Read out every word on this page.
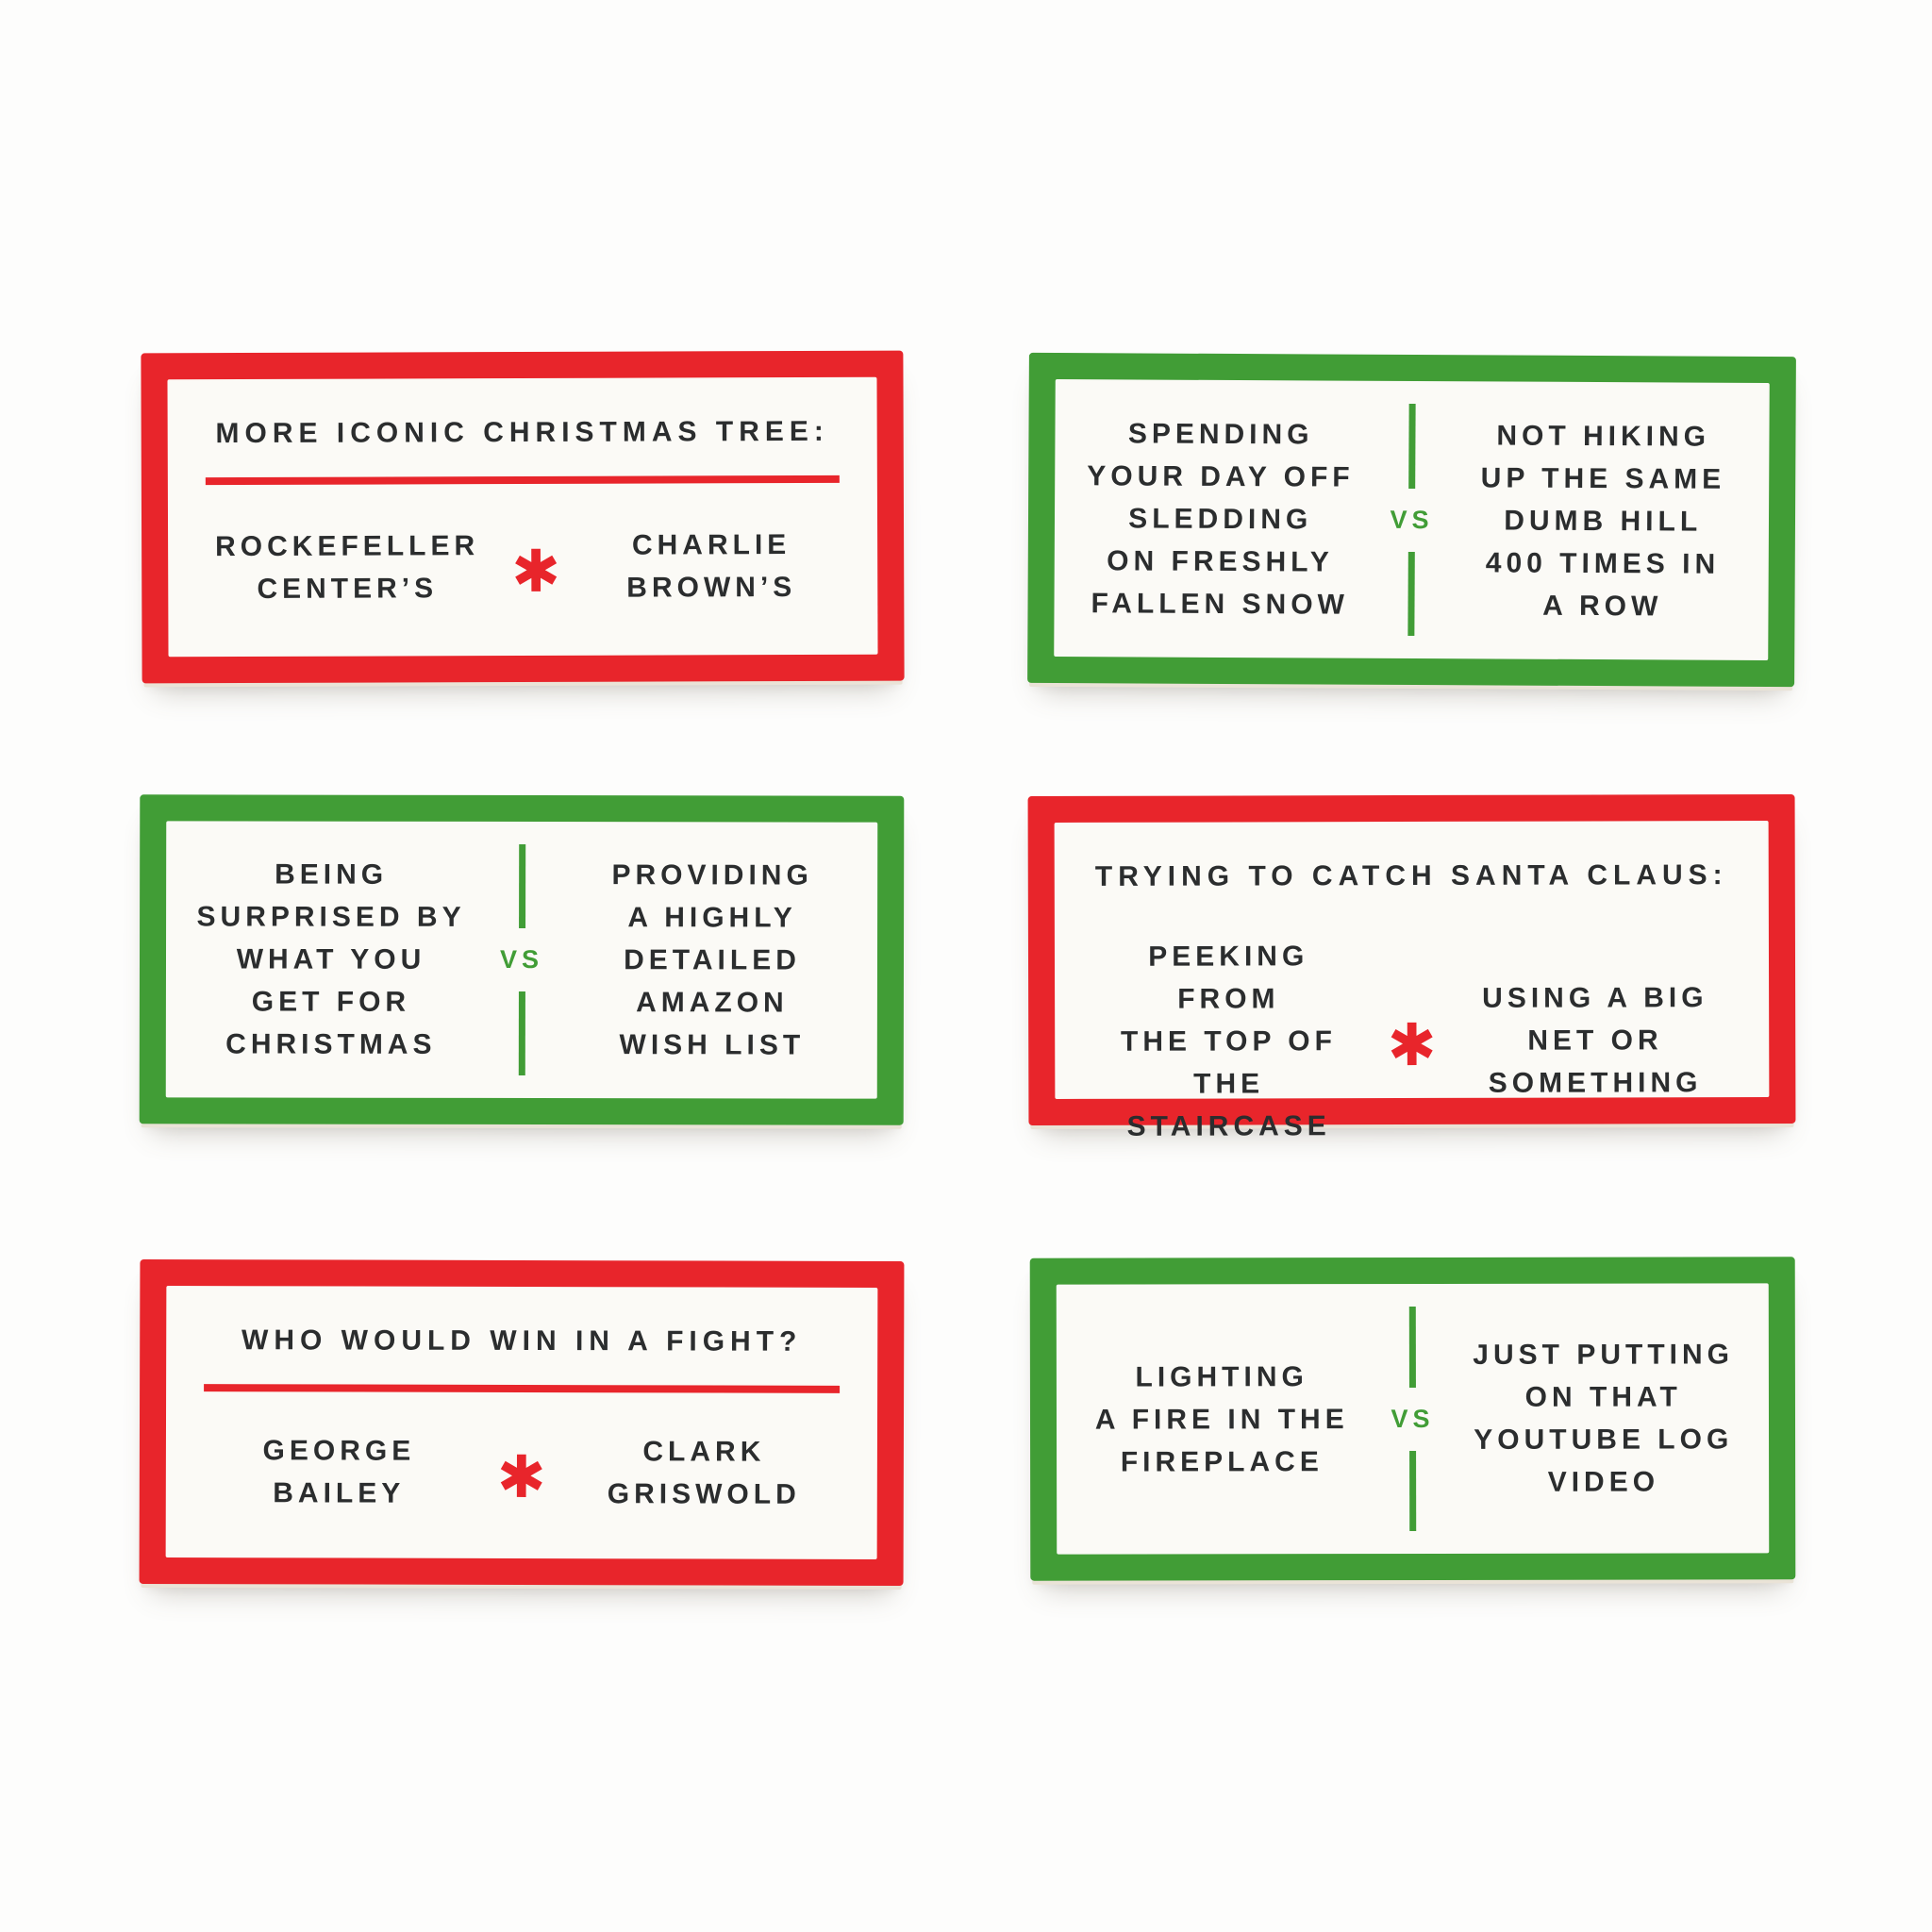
MORE ICONIC CHRISTMAS TREE:
ROCKEFELLER
CENTER’S	✱	CHARLIE
BROWN’S
SPENDING
YOUR DAY OFF
SLEDDING
ON FRESHLY
FALLEN SNOW
VS
NOT HIKING
UP THE SAME
DUMB HILL
400 TIMES IN
A ROW
BEING
SURPRISED BY
WHAT YOU
GET FOR
CHRISTMAS
VS
PROVIDING
A HIGHLY
DETAILED
AMAZON
WISH LIST
TRYING TO CATCH SANTA CLAUS:
PEEKING FROM
THE TOP OF
THE STAIRCASE
✱
USING A BIG
NET OR
SOMETHING
WHO WOULD WIN IN A FIGHT?
GEORGE
BAILEY	✱	CLARK
GRISWOLD
LIGHTING
A FIRE IN THE
FIREPLACE
VS
JUST PUTTING
ON THAT
YOUTUBE LOG
VIDEO
